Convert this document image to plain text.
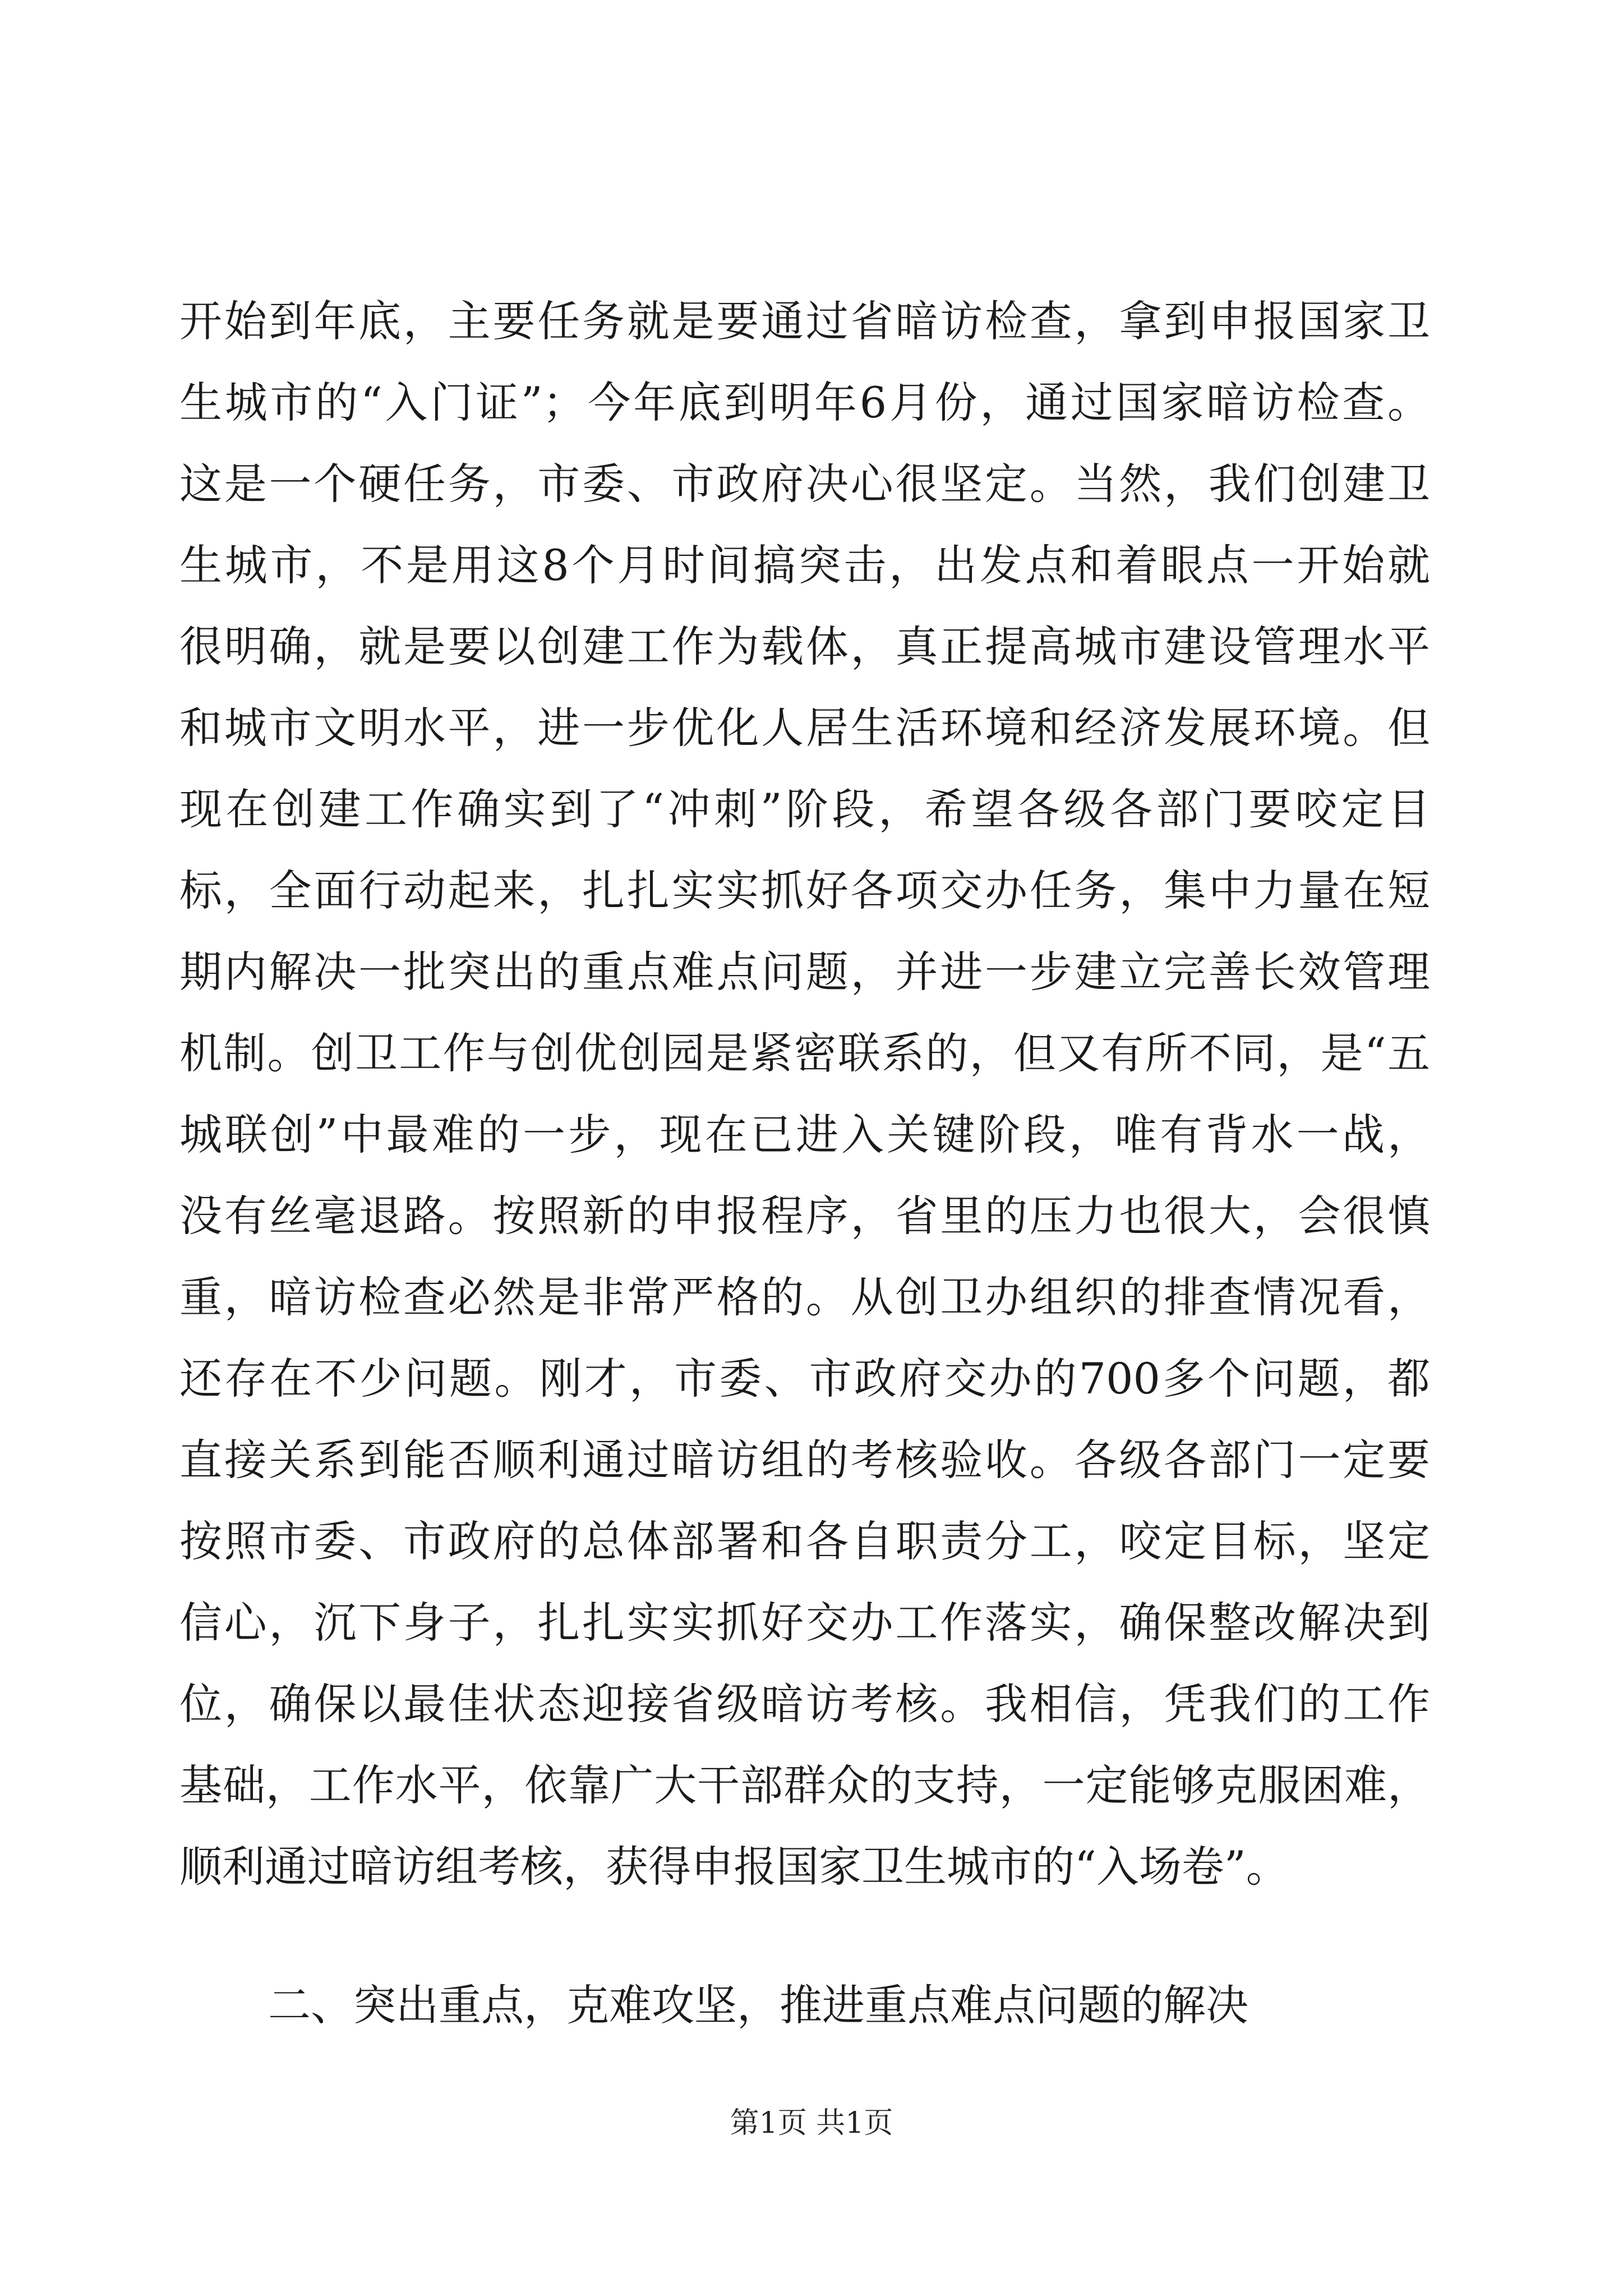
开始到年底，主要任务就是要通过省暗访检查，拿到申报国家卫
生城市的“入门证”；今年底到明年6月份，通过国家暗访检查。
这是一个硬任务，市委、市政府决心很坚定。当然，我们创建卫
生城市，不是用这8个月时间搞突击，出发点和着眼点一开始就
很明确，就是要以创建工作为载体，真正提高城市建设管理水平
和城市文明水平，进一步优化人居生活环境和经济发展环境。但
现在创建工作确实到了“冲刺”阶段，希望各级各部门要咬定目
标，全面行动起来，扎扎实实抓好各项交办任务，集中力量在短
期内解决一批突出的重点难点问题，并进一步建立完善长效管理
机制。创卫工作与创优创园是紧密联系的，但又有所不同，是“五
城联创”中最难的一步，现在已进入关键阶段，唯有背水一战，
没有丝毫退路。按照新的申报程序，省里的压力也很大，会很慎
重，暗访检查必然是非常严格的。从创卫办组织的排查情况看，
还存在不少问题。刚才，市委、市政府交办的700多个问题，都
直接关系到能否顺利通过暗访组的考核验收。各级各部门一定要
按照市委、市政府的总体部署和各自职责分工，咬定目标，坚定
信心，沉下身子，扎扎实实抓好交办工作落实，确保整改解决到
位，确保以最佳状态迎接省级暗访考核。我相信，凭我们的工作
基础，工作水平，依靠广大干部群众的支持，一定能够克服困难，
顺利通过暗访组考核，获得申报国家卫生城市的“入场卷”。
二、突出重点，克难攻坚，推进重点难点问题的解决
第1页 共1页
